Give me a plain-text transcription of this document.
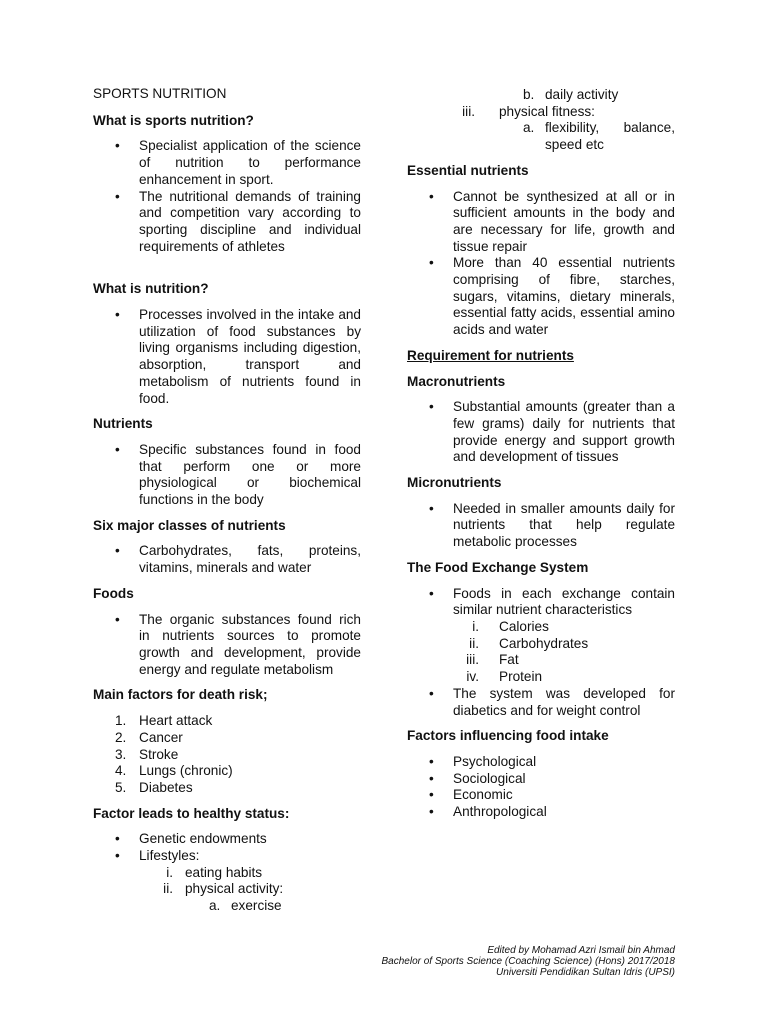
SPORTS NUTRITION

What is sports nutrition?

• Specialist application of the science of nutrition to performance enhancement in sport.
• The nutritional demands of training and competition vary according to sporting discipline and individual requirements of athletes

What is nutrition?

• Processes involved in the intake and utilization of food substances by living organisms including digestion, absorption, transport and metabolism of nutrients found in food.

Nutrients

• Specific substances found in food that perform one or more physiological or biochemical functions in the body

Six major classes of nutrients

• Carbohydrates, fats, proteins, vitamins, minerals and water

Foods

• The organic substances found rich in nutrients sources to promote growth and development, provide energy and regulate metabolism

Main factors for death risk;

1. Heart attack
2. Cancer
3. Stroke
4. Lungs (chronic)
5. Diabetes

Factor leads to healthy status:

• Genetic endowments
• Lifestyles:
i. eating habits
ii. physical activity:
a. exercise
b. daily activity
iii. physical fitness:
a. flexibility, balance, speed etc

Essential nutrients

• Cannot be synthesized at all or in sufficient amounts in the body and are necessary for life, growth and tissue repair
• More than 40 essential nutrients comprising of fibre, starches, sugars, vitamins, dietary minerals, essential fatty acids, essential amino acids and water

Requirement for nutrients

Macronutrients

• Substantial amounts (greater than a few grams) daily for nutrients that provide energy and support growth and development of tissues

Micronutrients

• Needed in smaller amounts daily for nutrients that help regulate metabolic processes

The Food Exchange System

• Foods in each exchange contain similar nutrient characteristics
i. Calories
ii. Carbohydrates
iii. Fat
iv. Protein
• The system was developed for diabetics and for weight control

Factors influencing food intake

• Psychological
• Sociological
• Economic
• Anthropological
Edited by Mohamad Azri Ismail bin Ahmad
Bachelor of Sports Science (Coaching Science) (Hons) 2017/2018
Universiti Pendidikan Sultan Idris (UPSI)
